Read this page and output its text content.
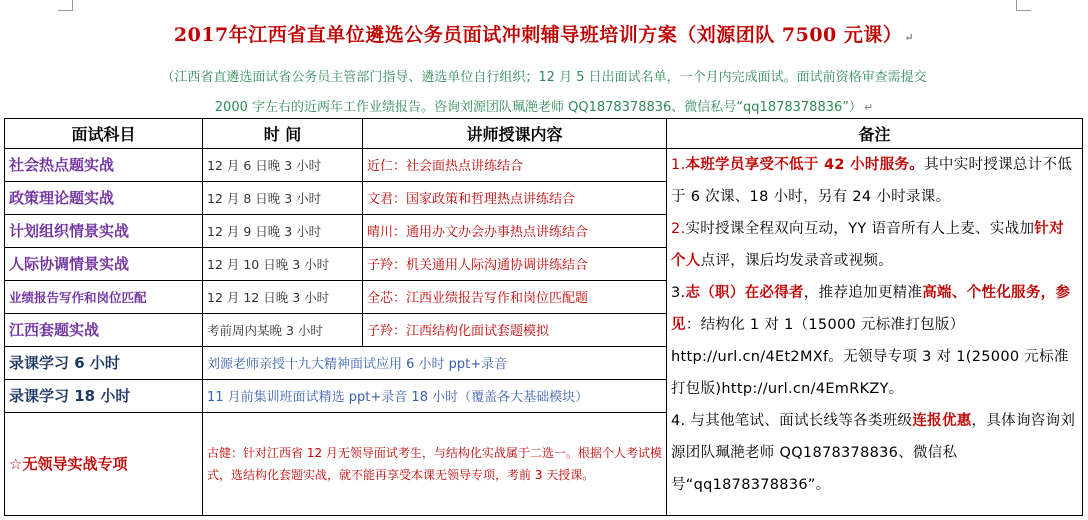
2017年江西省直单位遴选公务员面试冲刺辅导班培训方案（刘源团队 7500 元课） ↵
（江西省直遴选面试省公务员主管部门指导、遴选单位自行组织；12 月 5 日出面试名单，一个月内完成面试。面试前资格审查需提交
2000 字左右的近两年工作业绩报告。咨询刘源团队珮滟老师 QQ1878378836、微信私号“qq1878378836”） ↵
面试科目	时 间	讲师授课内容	备注
社会热点题实战	12 月 6 日晚 3 小时	近仁：社会面热点讲练结合	1.本班学员享受不低于 42 小时服务。其中实时授课总计不低于 6 次课、18 小时，另有 24 小时录课。
2.实时授课全程双向互动，YY 语音所有人上麦、实战加针对个人点评，课后均发录音或视频。
3.志（职）在必得者，推荐追加更精准高端、个性化服务，参见：结构化 1 对 1（15000 元标准打包版）http://url.cn/4Et2MXf。无领导专项 3 对 1(25000 元标准打包版)http://url.cn/4EmRKZY。
4. 与其他笔试、面试长线等各类班级连报优惠，具体询咨询刘源团队珮滟老师 QQ1878378836、微信私号“qq1878378836”。
政策理论题实战	12 月 8 日晚 3 小时	文君：国家政策和哲理热点讲练结合	
计划组织情景实战	12 月 9 日晚 3 小时	晴川：通用办文办会办事热点讲练结合	
人际协调情景实战	12 月 10 日晚 3 小时	子羚：机关通用人际沟通协调讲练结合	
业绩报告写作和岗位匹配	12 月 12 日晚 3 小时	全芯：江西业绩报告写作和岗位匹配题	
江西套题实战	考前周内某晚 3 小时	子羚：江西结构化面试套题模拟	
录课学习 6 小时	刘源老师亲授十九大精神面试应用 6 小时 ppt+录音		
录课学习 18 小时	11 月前集训班面试精选 ppt+录音 18 小时（覆盖各大基础模块）		
☆无领导实战专项	古健：针对江西省 12 月无领导面试考生，与结构化实战属于二选一。根据个人考试模式，选结构化套题实战，就不能再享受本课无领导专项，考前 3 天授课。		
